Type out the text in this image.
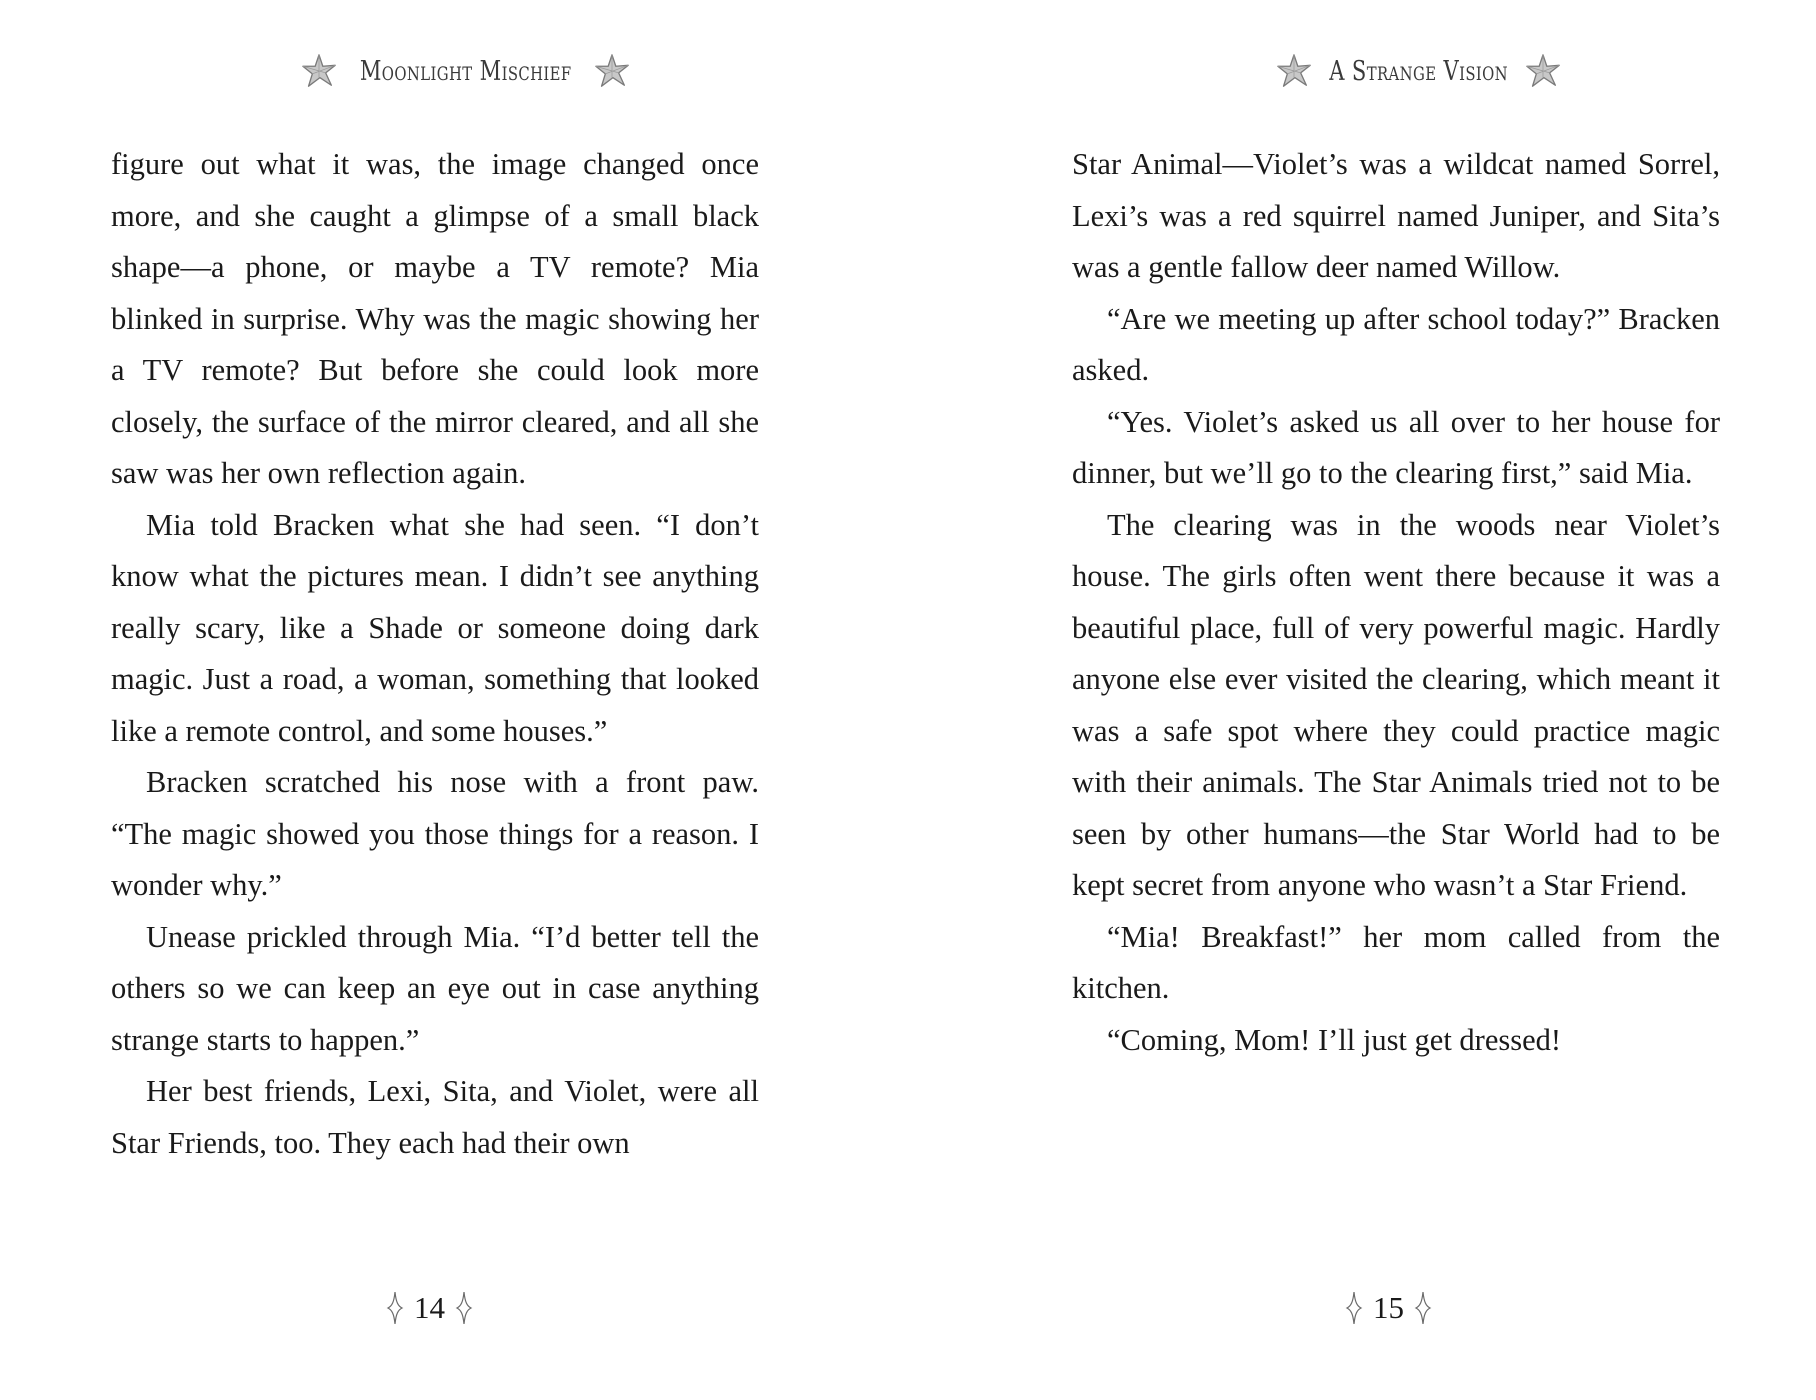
Moonlight Mischief

figure out what it was, the image changed once more, and she caught a glimpse of a small black shape—a phone, or maybe a TV remote? Mia blinked in surprise. Why was the magic showing her a TV remote? But before she could look more closely, the surface of the mirror cleared, and all she saw was her own reflection again.

Mia told Bracken what she had seen. “I don’t know what the pictures mean. I didn’t see anything really scary, like a Shade or someone doing dark magic. Just a road, a woman, something that looked like a remote control, and some houses.”

Bracken scratched his nose with a front paw. “The magic showed you those things for a reason. I wonder why.”

Unease prickled through Mia. “I’d better tell the others so we can keep an eye out in case anything strange starts to happen.”

Her best friends, Lexi, Sita, and Violet, were all Star Friends, too. They each had their own

14
A Strange Vision

Star Animal—Violet’s was a wildcat named Sorrel, Lexi’s was a red squirrel named Juniper, and Sita’s was a gentle fallow deer named Willow.

“Are we meeting up after school today?” Bracken asked.

“Yes. Violet’s asked us all over to her house for dinner, but we’ll go to the clearing first,” said Mia.

The clearing was in the woods near Violet’s house. The girls often went there because it was a beautiful place, full of very powerful magic. Hardly anyone else ever visited the clearing, which meant it was a safe spot where they could practice magic with their animals. The Star Animals tried not to be seen by other humans—the Star World had to be kept secret from anyone who wasn’t a Star Friend.

“Mia! Breakfast!” her mom called from the kitchen.

“Coming, Mom! I’ll just get dressed!

15
